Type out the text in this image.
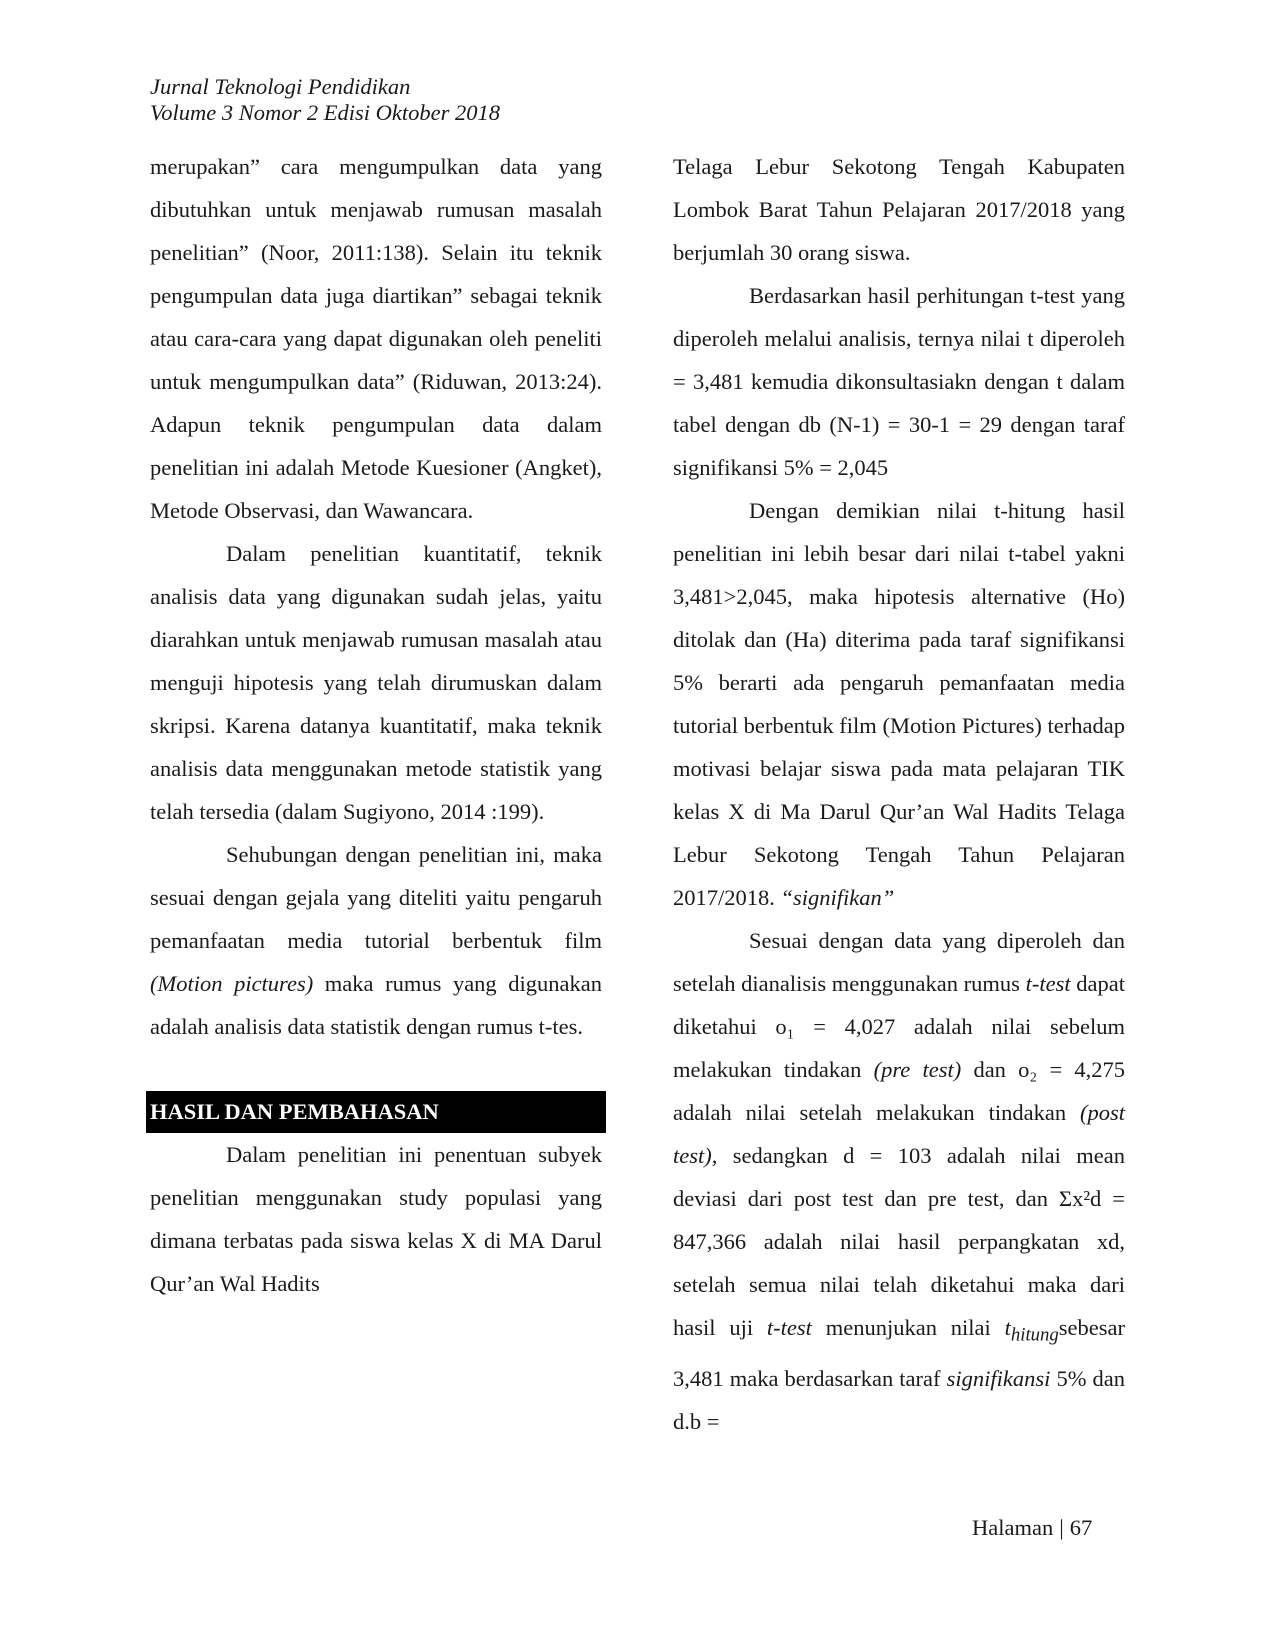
Jurnal Teknologi Pendidikan
Volume 3 Nomor 2 Edisi Oktober 2018

merupakan” cara mengumpulkan data yang dibutuhkan untuk menjawab rumusan masalah penelitian” (Noor, 2011:138). Selain itu teknik pengumpulan data juga diartikan” sebagai teknik atau cara-cara yang dapat digunakan oleh peneliti untuk mengumpulkan data” (Riduwan, 2013:24). Adapun teknik pengumpulan data dalam penelitian ini adalah Metode Kuesioner (Angket), Metode Observasi, dan Wawancara.

Dalam penelitian kuantitatif, teknik analisis data yang digunakan sudah jelas, yaitu diarahkan untuk menjawab rumusan masalah atau menguji hipotesis yang telah dirumuskan dalam skripsi. Karena datanya kuantitatif, maka teknik analisis data menggunakan metode statistik yang telah tersedia (dalam Sugiyono, 2014 :199).

Sehubungan dengan penelitian ini, maka sesuai dengan gejala yang diteliti yaitu pengaruh pemanfaatan media tutorial berbentuk film (Motion pictures) maka rumus yang digunakan adalah analisis data statistik dengan rumus t-tes.

HASIL DAN PEMBAHASAN

Dalam penelitian ini penentuan subyek penelitian menggunakan study populasi yang dimana terbatas pada siswa kelas X di MA Darul Qur’an Wal Hadits

Telaga Lebur Sekotong Tengah Kabupaten Lombok Barat Tahun Pelajaran 2017/2018 yang berjumlah 30 orang siswa.

Berdasarkan hasil perhitungan t-test yang diperoleh melalui analisis, ternya nilai t diperoleh = 3,481 kemudia dikonsultasiakn dengan t dalam tabel dengan db (N-1) = 30-1 = 29 dengan taraf signifikansi 5% = 2,045

Dengan demikian nilai t-hitung hasil penelitian ini lebih besar dari nilai t-tabel yakni 3,481>2,045, maka hipotesis alternative (Ho) ditolak dan (Ha) diterima pada taraf signifikansi 5% berarti ada pengaruh pemanfaatan media tutorial berbentuk film (Motion Pictures) terhadap motivasi belajar siswa pada mata pelajaran TIK kelas X di Ma Darul Qur’an Wal Hadits Telaga Lebur Sekotong Tengah Tahun Pelajaran 2017/2018. “signifikan”

Sesuai dengan data yang diperoleh dan setelah dianalisis menggunakan rumus t-test dapat diketahui o₁ = 4,027 adalah nilai sebelum melakukan tindakan (pre test) dan o₂ = 4,275 adalah nilai setelah melakukan tindakan (post test), sedangkan d = 103 adalah nilai mean deviasi dari post test dan pre test, dan Σx²d = 847,366 adalah nilai hasil perpangkatan xd, setelah semua nilai telah diketahui maka dari hasil uji t-test menunjukan nilai $t_{hitung}sebesar$ 3,481 maka berdasarkan taraf signifikansi 5% dan d.b =

Halaman | 67
